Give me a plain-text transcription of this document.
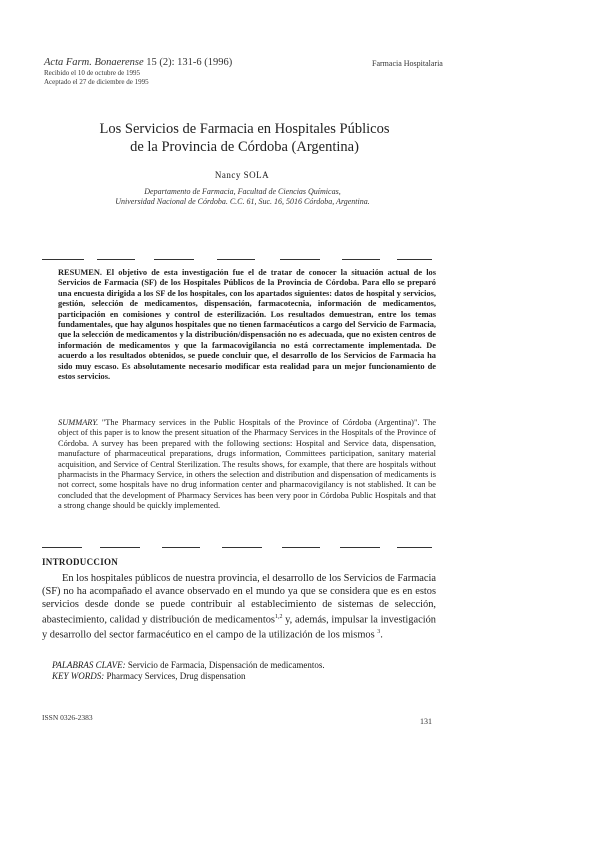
Acta Farm. Bonaerense 15 (2): 131-6 (1996)
Recibido el 10 de octubre de 1995
Aceptado el 27 de diciembre de 1995
Farmacia Hospitalaria
Los Servicios de Farmacia en Hospitales Públicos
de la Provincia de Córdoba (Argentina)
Nancy SOLA
Departamento de Farmacia, Facultad de Ciencias Químicas,
Universidad Nacional de Córdoba. C.C. 61, Suc. 16, 5016 Córdoba, Argentina.
RESUMEN. El objetivo de esta investigación fue el de tratar de conocer la situación actual de los Servicios de Farmacia (SF) de los Hospitales Públicos de la Provincia de Córdoba. Para ello se preparó una encuesta dirigida a los SF de los hospitales, con los apartados siguientes: datos de hospital y servicios, gestión, selección de medicamentos, dispensación, farmacotecnia, información de medicamentos, participación en comisiones y control de esterilización. Los resultados demuestran, entre los temas fundamentales, que hay algunos hospitales que no tienen farmacéuticos a cargo del Servicio de Farmacia, que la selección de medicamentos y la distribución/dispensación no es adecuada, que no existen centros de información de medicamentos y que la farmacovigilancia no está correctamente implementada. De acuerdo a los resultados obtenidos, se puede concluir que, el desarrollo de los Servicios de Farmacia ha sido muy escaso. Es absolutamente necesario modificar esta realidad para un mejor funcionamiento de estos servicios.
SUMMARY. "The Pharmacy services in the Public Hospitals of the Province of Córdoba (Argentina)". The object of this paper is to know the present situation of the Pharmacy Services in the Hospitals of the Province of Córdoba. A survey has been prepared with the following sections: Hospital and Service data, dispensation, manufacture of pharmaceutical preparations, drugs information, Committees participation, sanitary material acquisition, and Service of Central Sterilization. The results shows, for example, that there are hospitals without pharmacists in the Pharmacy Service, in others the selection and distribution and dispensation of medicaments is not correct, some hospitals have no drug information center and pharmacovigilancy is not stablished. It can be concluded that the development of Pharmacy Services has been very poor in Córdoba Public Hospitals and that a strong change should be quickly implemented.
INTRODUCCION
En los hospitales públicos de nuestra provincia, el desarrollo de los Servicios de Farmacia (SF) no ha acompañado el avance observado en el mundo ya que se considera que es en estos servicios desde donde se puede contribuir al establecimiento de sistemas de selección, abastecimiento, calidad y distribución de medicamentos$^{1,2}$ y, además, impulsar la investigación y desarrollo del sector farmacéutico en el campo de la utilización de los mismos $^3$.
PALABRAS CLAVE: Servicio de Farmacia, Dispensación de medicamentos.
KEY WORDS: Pharmacy Services, Drug dispensation
ISSN 0326-2383	131
